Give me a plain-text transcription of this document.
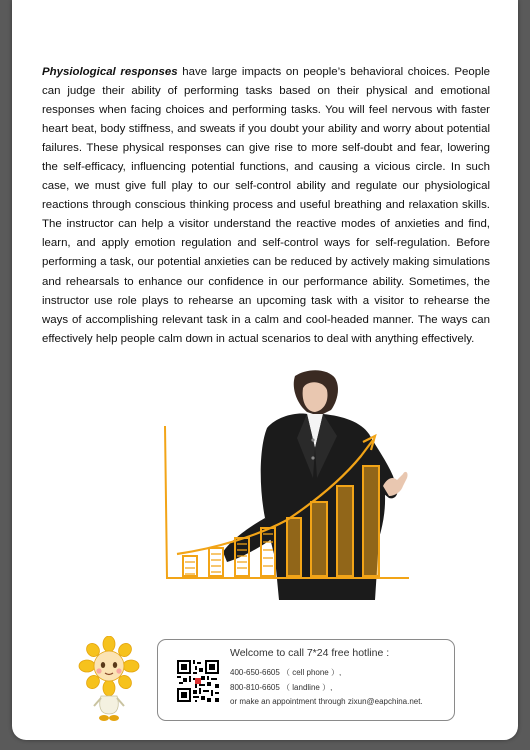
Physiological responses have large impacts on people’s behavioral choices. People can judge their ability of performing tasks based on their physical and emotional responses when facing choices and performing tasks. You will feel nervous with faster heart beat, body stiffness, and sweats if you doubt your ability and worry about potential failures. These physical responses can give rise to more self-doubt and fear, lowering the self-efficacy, influencing potential functions, and causing a vicious circle. In such case, we must give full play to our self-control ability and regulate our physiological reactions through conscious thinking process and useful breathing and relaxation skills. The instructor can help a visitor understand the reactive modes of anxieties and find, learn, and apply emotion regulation and self-control ways for self-regulation. Before performing a task, our potential anxieties can be reduced by actively making simulations and rehearsals to enhance our confidence in our performance ability. Sometimes, the instructor use role plays to rehearse an upcoming task with a visitor to rehearse the ways of accomplishing relevant task in a calm and cool-headed manner. The ways can effectively help people calm down in actual scenarios to deal with anything effectively.

Welcome to call 7*24 free hotline :
400-650-6605 （ cell phone ）,
800-810-6605 （ landline ）,
or make an appointment through zixun@eapchina.net.
